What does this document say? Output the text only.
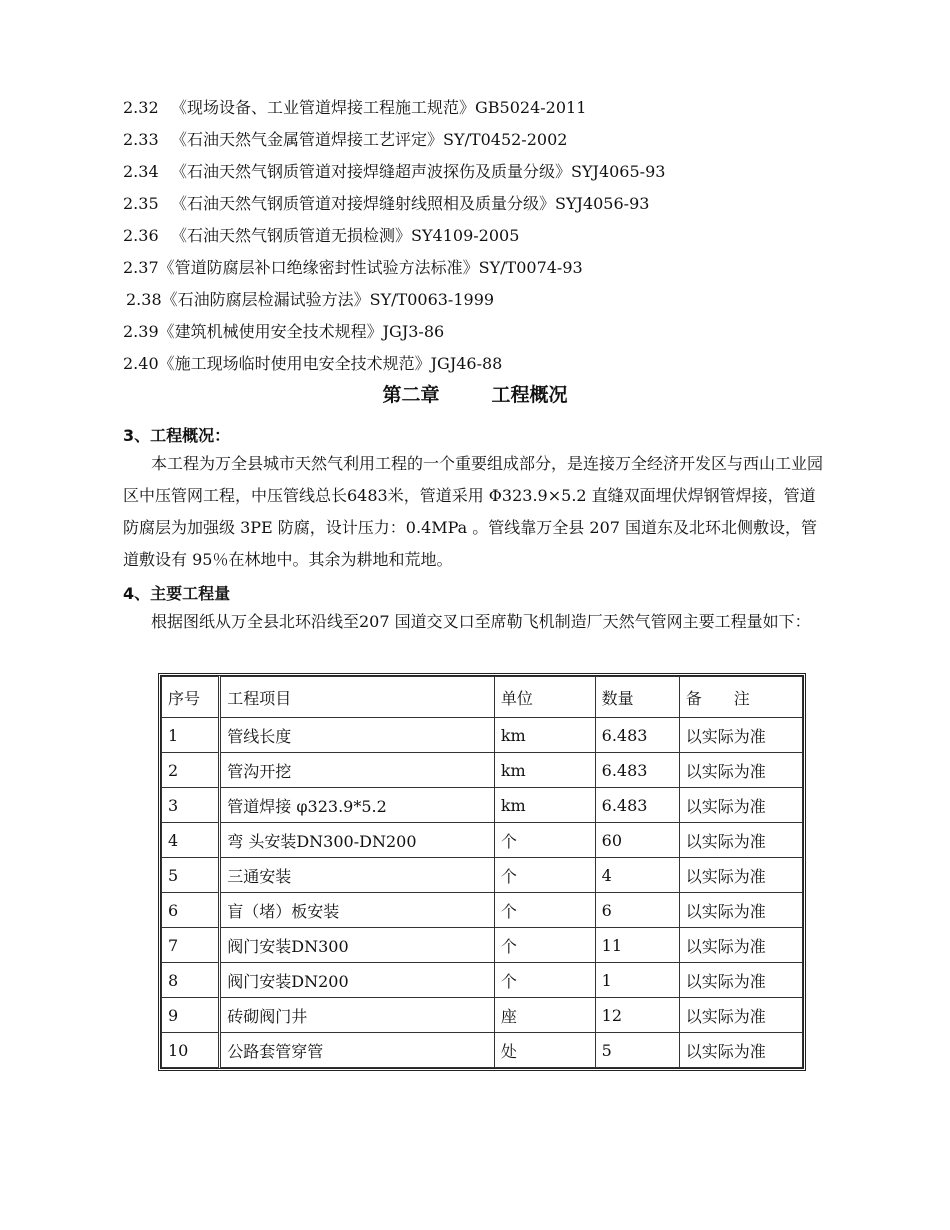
2.32 《现场设备、工业管道焊接工程施工规范》GB5024-2011
2.33 《石油天然气金属管道焊接工艺评定》SY/T0452-2002
2.34 《石油天然气钢质管道对接焊缝超声波探伤及质量分级》SYJ4065-93
2.35 《石油天然气钢质管道对接焊缝射线照相及质量分级》SYJ4056-93
2.36 《石油天然气钢质管道无损检测》SY4109-2005
2.37《管道防腐层补口绝缘密封性试验方法标准》SY/T0074-93
2.38《石油防腐层检漏试验方法》SY/T0063-1999
2.39《建筑机械使用安全技术规程》JGJ3-86
2.40《施工现场临时使用电安全技术规范》JGJ46-88
第二章	工程概况
3、工程概况：
本工程为万全县城市天然气利用工程的一个重要组成部分，是连接万全经济开发区与西山工业园区中压管网工程，中压管线总长6483米，管道采用 Φ323.9×5.2 直缝双面埋伏焊钢管焊接，管道防腐层为加强级 3PE 防腐，设计压力：0.4MPa 。管线靠万全县 207 国道东及北环北侧敷设，管道敷设有 95％在林地中。其余为耕地和荒地。
4、主要工程量
根据图纸从万全县北环沿线至207 国道交叉口至席勒飞机制造厂天然气管网主要工程量如下：
序号	工程项目	单位	数量	备　　注
1	管线长度	km	6.483	以实际为准
2	管沟开挖	km	6.483	以实际为准
3	管道焊接 φ323.9*5.2	km	6.483	以实际为准
4	弯 头安装DN300-DN200	个	60	以实际为准
5	三通安装	个	4	以实际为准
6	盲（堵）板安装	个	6	以实际为准
7	阀门安装DN300	个	11	以实际为准
8	阀门安装DN200	个	1	以实际为准
9	砖砌阀门井	座	12	以实际为准
10	公路套管穿管	处	5	以实际为准
